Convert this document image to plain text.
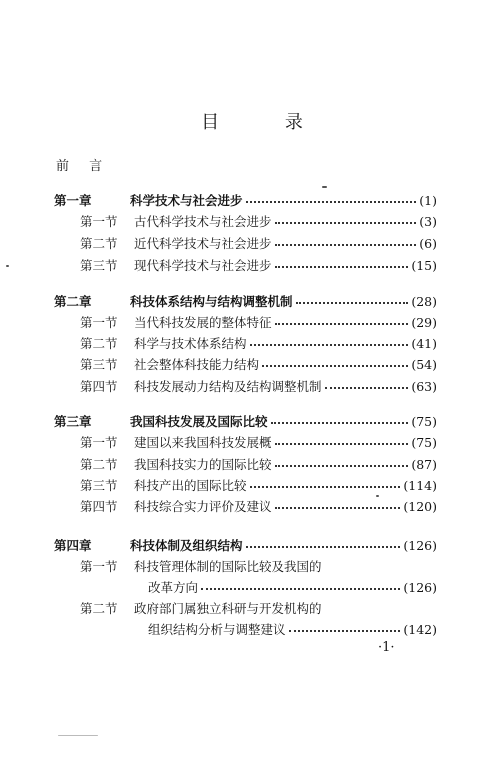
目 录
前 言
第一章	科学技术与社会进步	(1)
第一节	古代科学技术与社会进步	(3)
第二节	近代科学技术与社会进步	(6)
第三节	现代科学技术与社会进步	(15)
第二章	科技体系结构与结构调整机制	(28)
第一节	当代科技发展的整体特征	(29)
第二节	科学与技术体系结构	(41)
第三节	社会整体科技能力结构	(54)
第四节	科技发展动力结构及结构调整机制	(63)
第三章	我国科技发展及国际比较	(75)
第一节	建国以来我国科技发展概	(75)
第二节	我国科技实力的国际比较	(87)
第三节	科技产出的国际比较	(114)
第四节	科技综合实力评价及建议	(120)
第四章	科技体制及组织结构	(126)
第一节	科技管理体制的国际比较及我国的
改革方向	(126)
第二节	政府部门属独立科研与开发机构的
组织结构分析与调整建议	(142)
·1·
